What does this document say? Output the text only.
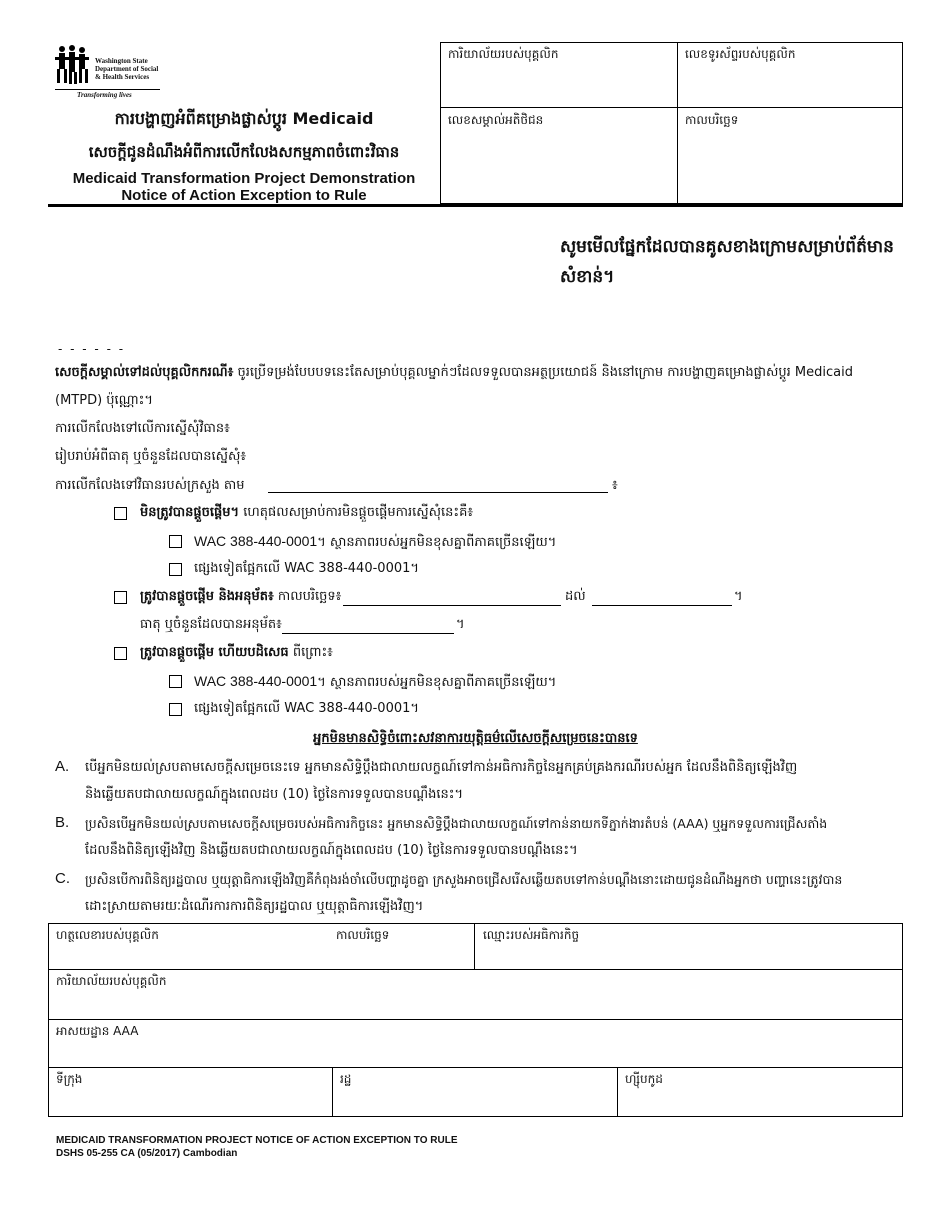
Washington State
Department of Social
& Health Services
Transforming lives
ការបង្ហាញអំពីគម្រោងផ្លាស់ប្តូរ Medicaid
សេចក្តីជូនដំណឹងអំពីការលើកលែងសកម្មភាពចំពោះវិធាន
Medicaid Transformation Project Demonstration
Notice of Action Exception to Rule
ការិយាល័យរបស់បុគ្គលិក	លេខទូរស័ព្ទរបស់បុគ្គលិក
លេខសម្គាល់អតិថិជន	កាលបរិច្ឆេទ
សូមមើលផ្នែកដែលបានគូសខាងក្រោមសម្រាប់ព័ត៌មានសំខាន់។
- - - - - -
សេចក្តីសម្គាល់ទៅដល់បុគ្គលិកករណី៖ ចូរប្រើទម្រង់បែបបទនេះតែសម្រាប់បុគ្គលម្នាក់ៗដែលទទួលបានអត្ថប្រយោជន៍ និងនៅក្រោម ការបង្ហាញគម្រោងផ្លាស់ប្តូរ Medicaid
(MTPD) ប៉ុណ្ណោះ។
ការលើកលែងទៅលើការស្នើសុំវិធាន៖
រៀបរាប់អំពីធាតុ ឬចំនួនដែលបានស្នើសុំ៖
ការលើកលែងទៅវិធានរបស់ក្រសួង តាម	៖
មិនត្រូវបានផ្តួចផ្តើម។ ហេតុផលសម្រាប់ការមិនផ្តួចផ្តើមការស្នើសុំនេះគឺ៖
WAC 388-440-0001។ ស្ថានភាពរបស់អ្នកមិនខុសគ្នាពីភាគច្រើនឡើយ។
ផ្សេងទៀតផ្អែកលើ WAC 388-440-0001។
ត្រូវបានផ្តួចផ្តើម និងអនុម័ត៖ កាលបរិច្ឆេទ៖	ដល់	។
ធាតុ ឬចំនួនដែលបានអនុម័ត៖	។
ត្រូវបានផ្តួចផ្តើម ហើយបដិសេធ ពីព្រោះ៖
WAC 388-440-0001។ ស្ថានភាពរបស់អ្នកមិនខុសគ្នាពីភាគច្រើនឡើយ។
ផ្សេងទៀតផ្អែកលើ WAC 388-440-0001។
អ្នកមិនមានសិទ្ធិចំពោះសវនាការយុត្តិធម៌លើសេចក្តីសម្រេចនេះបានទេ
A. បើអ្នកមិនយល់ស្របតាមសេចក្តីសម្រេចនេះទេ អ្នកមានសិទ្ធិប្តឹងជាលាយលក្ខណ៍ទៅកាន់អធិការកិច្ចនៃអ្នកគ្រប់គ្រងករណីរបស់អ្នក ដែលនឹងពិនិត្យឡើងវិញ
និងឆ្លើយតបជាលាយលក្ខណ៍ក្នុងពេលដប (10) ថ្ងៃនៃការទទួលបានបណ្តឹងនេះ។
B. ប្រសិនបើអ្នកមិនយល់ស្របតាមសេចក្តីសម្រេចរបស់អធិការកិច្ចនេះ អ្នកមានសិទ្ធិប្តឹងជាលាយលក្ខណ៍ទៅកាន់នាយកទីភ្នាក់ងារតំបន់ (AAA) ឬអ្នកទទួលការជ្រើសតាំង
ដែលនឹងពិនិត្យឡើងវិញ និងឆ្លើយតបជាលាយលក្ខណ៍ក្នុងពេលដប (10) ថ្ងៃនៃការទទួលបានបណ្តឹងនេះ។
C. ប្រសិនបើការពិនិត្យរដ្ឋបាល ឬយុត្តាធិការឡើងវិញគឺកំពុងរង់ចាំលើបញ្ហាដូចគ្នា ក្រសួងអាចជ្រើសរើសឆ្លើយតបទៅកាន់បណ្តឹងនោះដោយជូនដំណឹងអ្នកថា បញ្ហានេះត្រូវបាន
ដោះស្រាយតាមរយៈដំណើរការការពិនិត្យរដ្ឋបាល ឬយុត្តាធិការឡើងវិញ។
ហត្ថលេខារបស់បុគ្គលិក	កាលបរិច្ឆេទ	ឈ្មោះរបស់អធិការកិច្ច
ការិយាល័យរបស់បុគ្គលិក
អាសយដ្ឋាន AAA
ទីក្រុង	រដ្ឋ	ហ្ស៊ីបកូដ
MEDICAID TRANSFORMATION PROJECT NOTICE OF ACTION EXCEPTION TO RULE
DSHS 05-255 CA (05/2017) Cambodian
